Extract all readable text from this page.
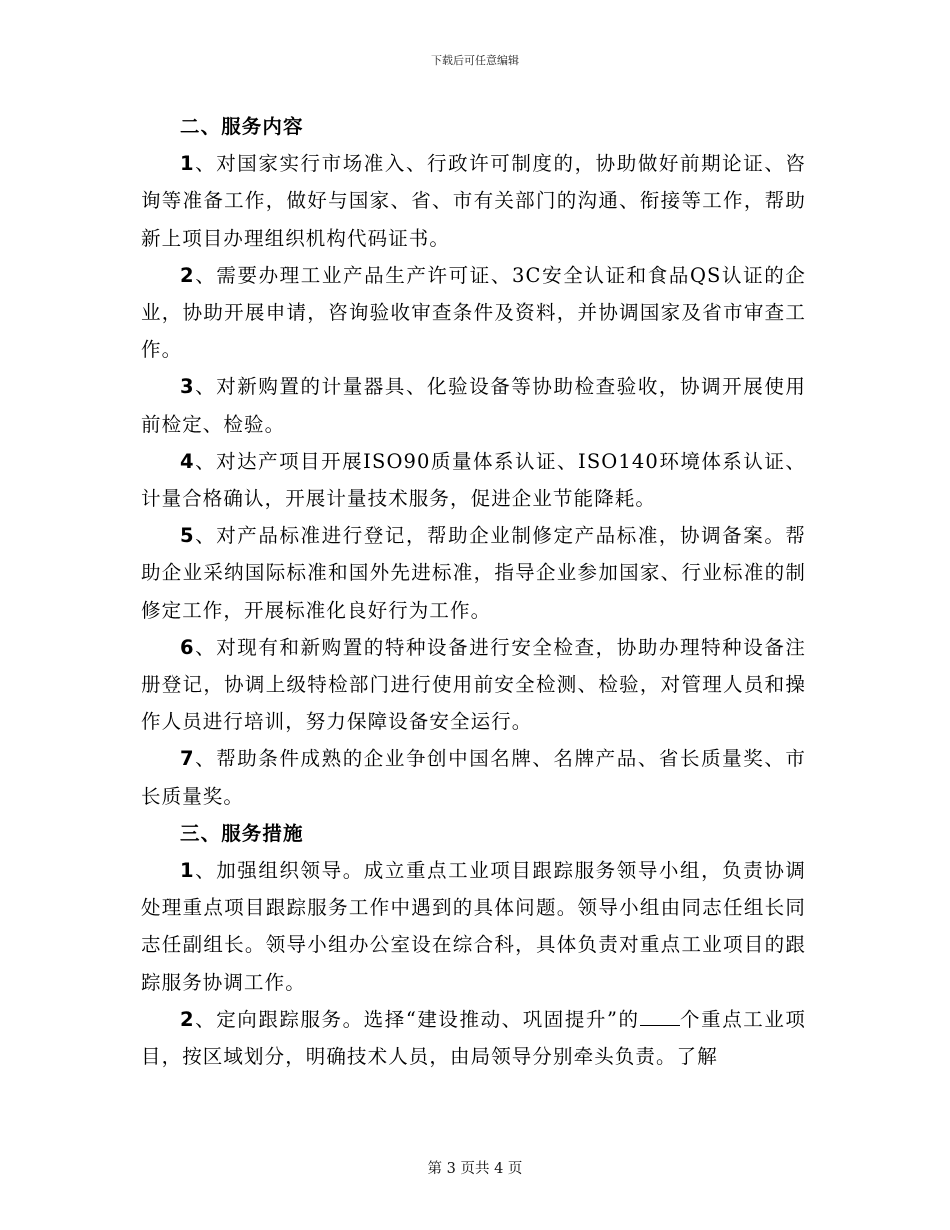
下载后可任意编辑
二、服务内容

1、对国家实行市场准入、行政许可制度的，协助做好前期论证、咨询等准备工作，做好与国家、省、市有关部门的沟通、衔接等工作，帮助新上项目办理组织机构代码证书。

2、需要办理工业产品生产许可证、3C安全认证和食品QS认证的企业，协助开展申请，咨询验收审查条件及资料，并协调国家及省市审查工作。

3、对新购置的计量器具、化验设备等协助检查验收，协调开展使用前检定、检验。

4、对达产项目开展ISO90质量体系认证、ISO140环境体系认证、计量合格确认，开展计量技术服务，促进企业节能降耗。

5、对产品标准进行登记，帮助企业制修定产品标准，协调备案。帮助企业采纳国际标准和国外先进标准，指导企业参加国家、行业标准的制修定工作，开展标准化良好行为工作。

6、对现有和新购置的特种设备进行安全检查，协助办理特种设备注册登记，协调上级特检部门进行使用前安全检测、检验，对管理人员和操作人员进行培训，努力保障设备安全运行。

7、帮助条件成熟的企业争创中国名牌、名牌产品、省长质量奖、市长质量奖。

三、服务措施

1、加强组织领导。成立重点工业项目跟踪服务领导小组，负责协调处理重点项目跟踪服务工作中遇到的具体问题。领导小组由同志任组长同志任副组长。领导小组办公室设在综合科，具体负责对重点工业项目的跟踪服务协调工作。

2、定向跟踪服务。选择“建设推动、巩固提升”的 个重点工业项目，按区域划分，明确技术人员，由局领导分别牵头负责。了解

第 3 页共 4 页
